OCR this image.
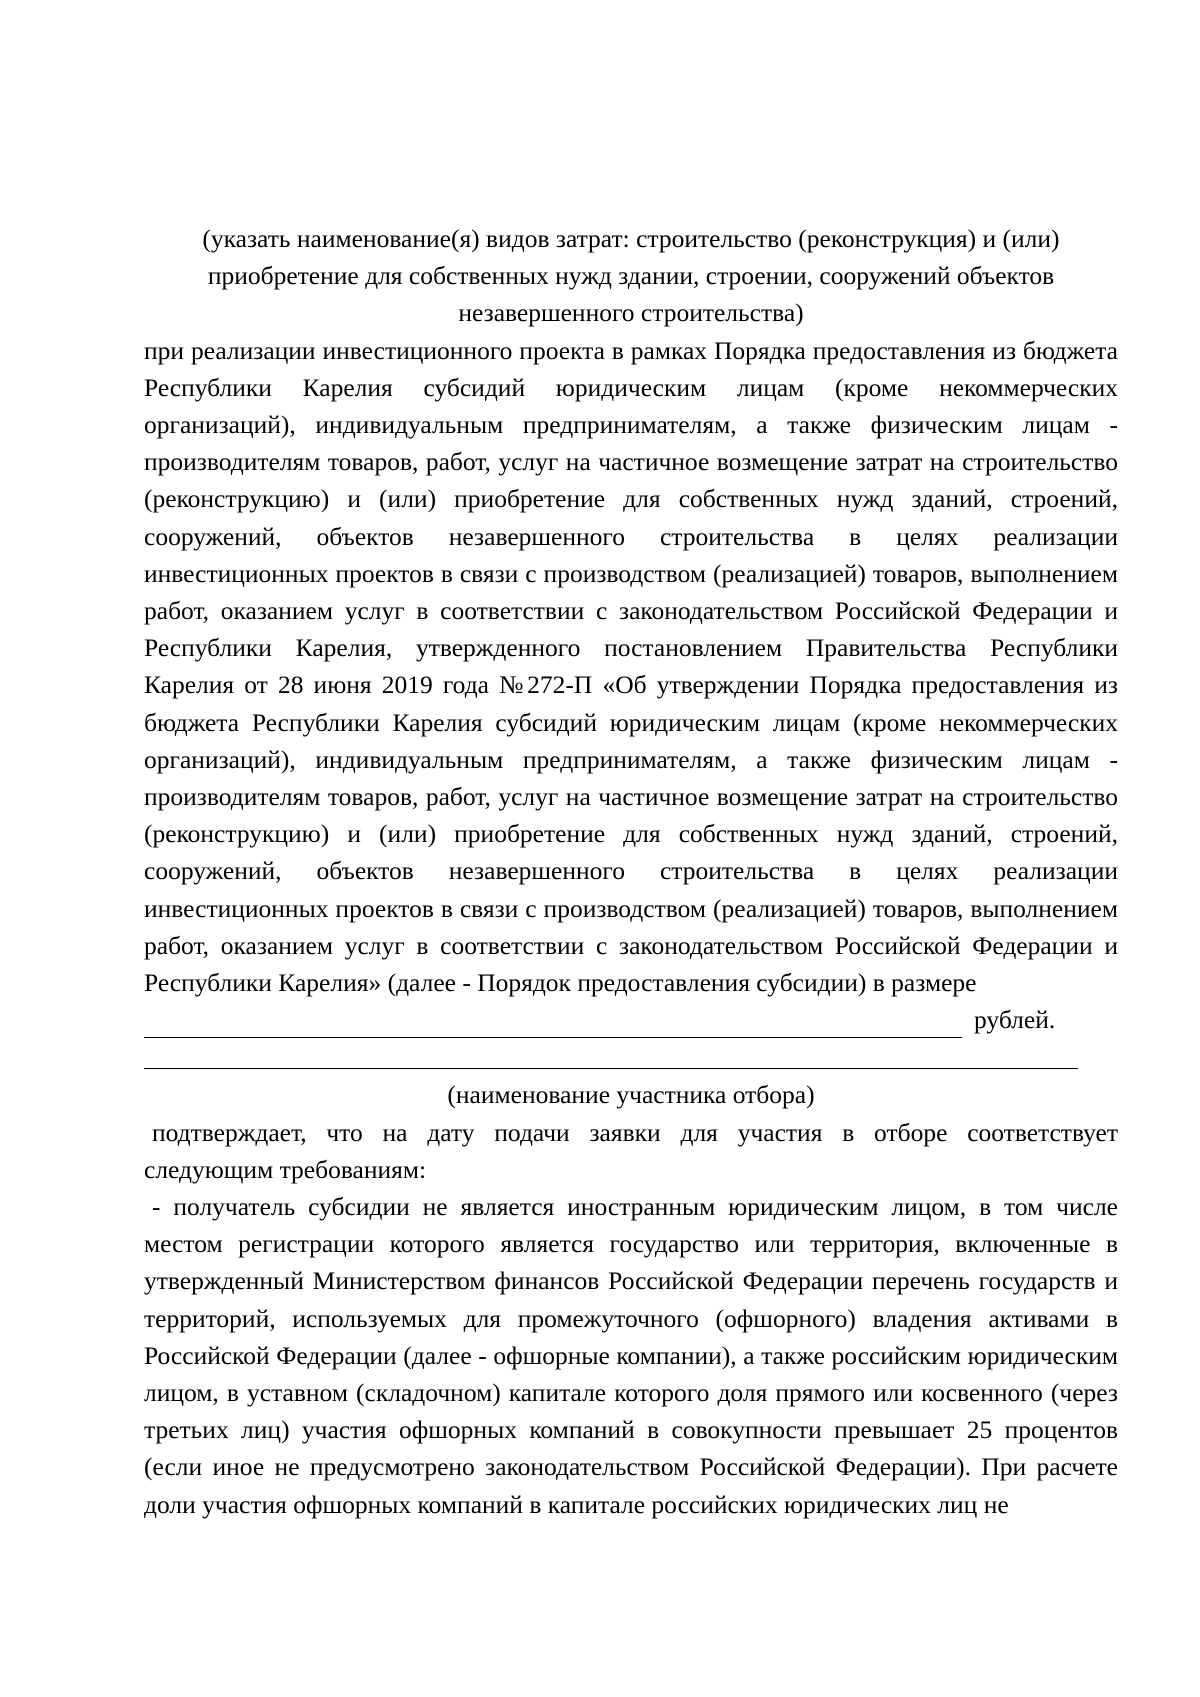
(указать наименование(я) видов затрат: строительство (реконструкция) и (или)
приобретение для собственных нужд здании, строении, сооружений объектов
незавершенного строительства)

при реализации инвестиционного проекта в рамках Порядка предоставления из бюджета Республики Карелия субсидий юридическим лицам (кроме некоммерческих организаций), индивидуальным предпринимателям, а также физическим лицам - производителям товаров, работ, услуг на частичное возмещение затрат на строительство (реконструкцию) и (или) приобретение для собственных нужд зданий, строений, сооружений, объектов незавершенного строительства в целях реализации инвестиционных проектов в связи с производством (реализацией) товаров, выполнением работ, оказанием услуг в соответствии с законодательством Российской Федерации и Республики Карелия, утвержденного постановлением Правительства Республики Карелия от 28 июня 2019 года №272-П «Об утверждении Порядка предоставления из бюджета Республики Карелия субсидий юридическим лицам (кроме некоммерческих организаций), индивидуальным предпринимателям, а также физическим лицам - производителям товаров, работ, услуг на частичное возмещение затрат на строительство (реконструкцию) и (или) приобретение для собственных нужд зданий, строений, сооружений, объектов незавершенного строительства в целях реализации инвестиционных проектов в связи с производством (реализацией) товаров, выполнением работ, оказанием услуг в соответствии с законодательством Российской Федерации и Республики Карелия» (далее - Порядок предоставления субсидии) в размере

рублей.
(наименование участника отбора)

подтверждает, что на дату подачи заявки для участия в отборе соответствует следующим требованиям:

- получатель субсидии не является иностранным юридическим лицом, в том числе местом регистрации которого является государство или территория, включенные в утвержденный Министерством финансов Российской Федерации перечень государств и территорий, используемых для промежуточного (офшорного) владения активами в Российской Федерации (далее - офшорные компании), а также российским юридическим лицом, в уставном (складочном) капитале которого доля прямого или косвенного (через третьих лиц) участия офшорных компаний в совокупности превышает 25 процентов (если иное не предусмотрено законодательством Российской Федерации). При расчете доли участия офшорных компаний в капитале российских юридических лиц не
